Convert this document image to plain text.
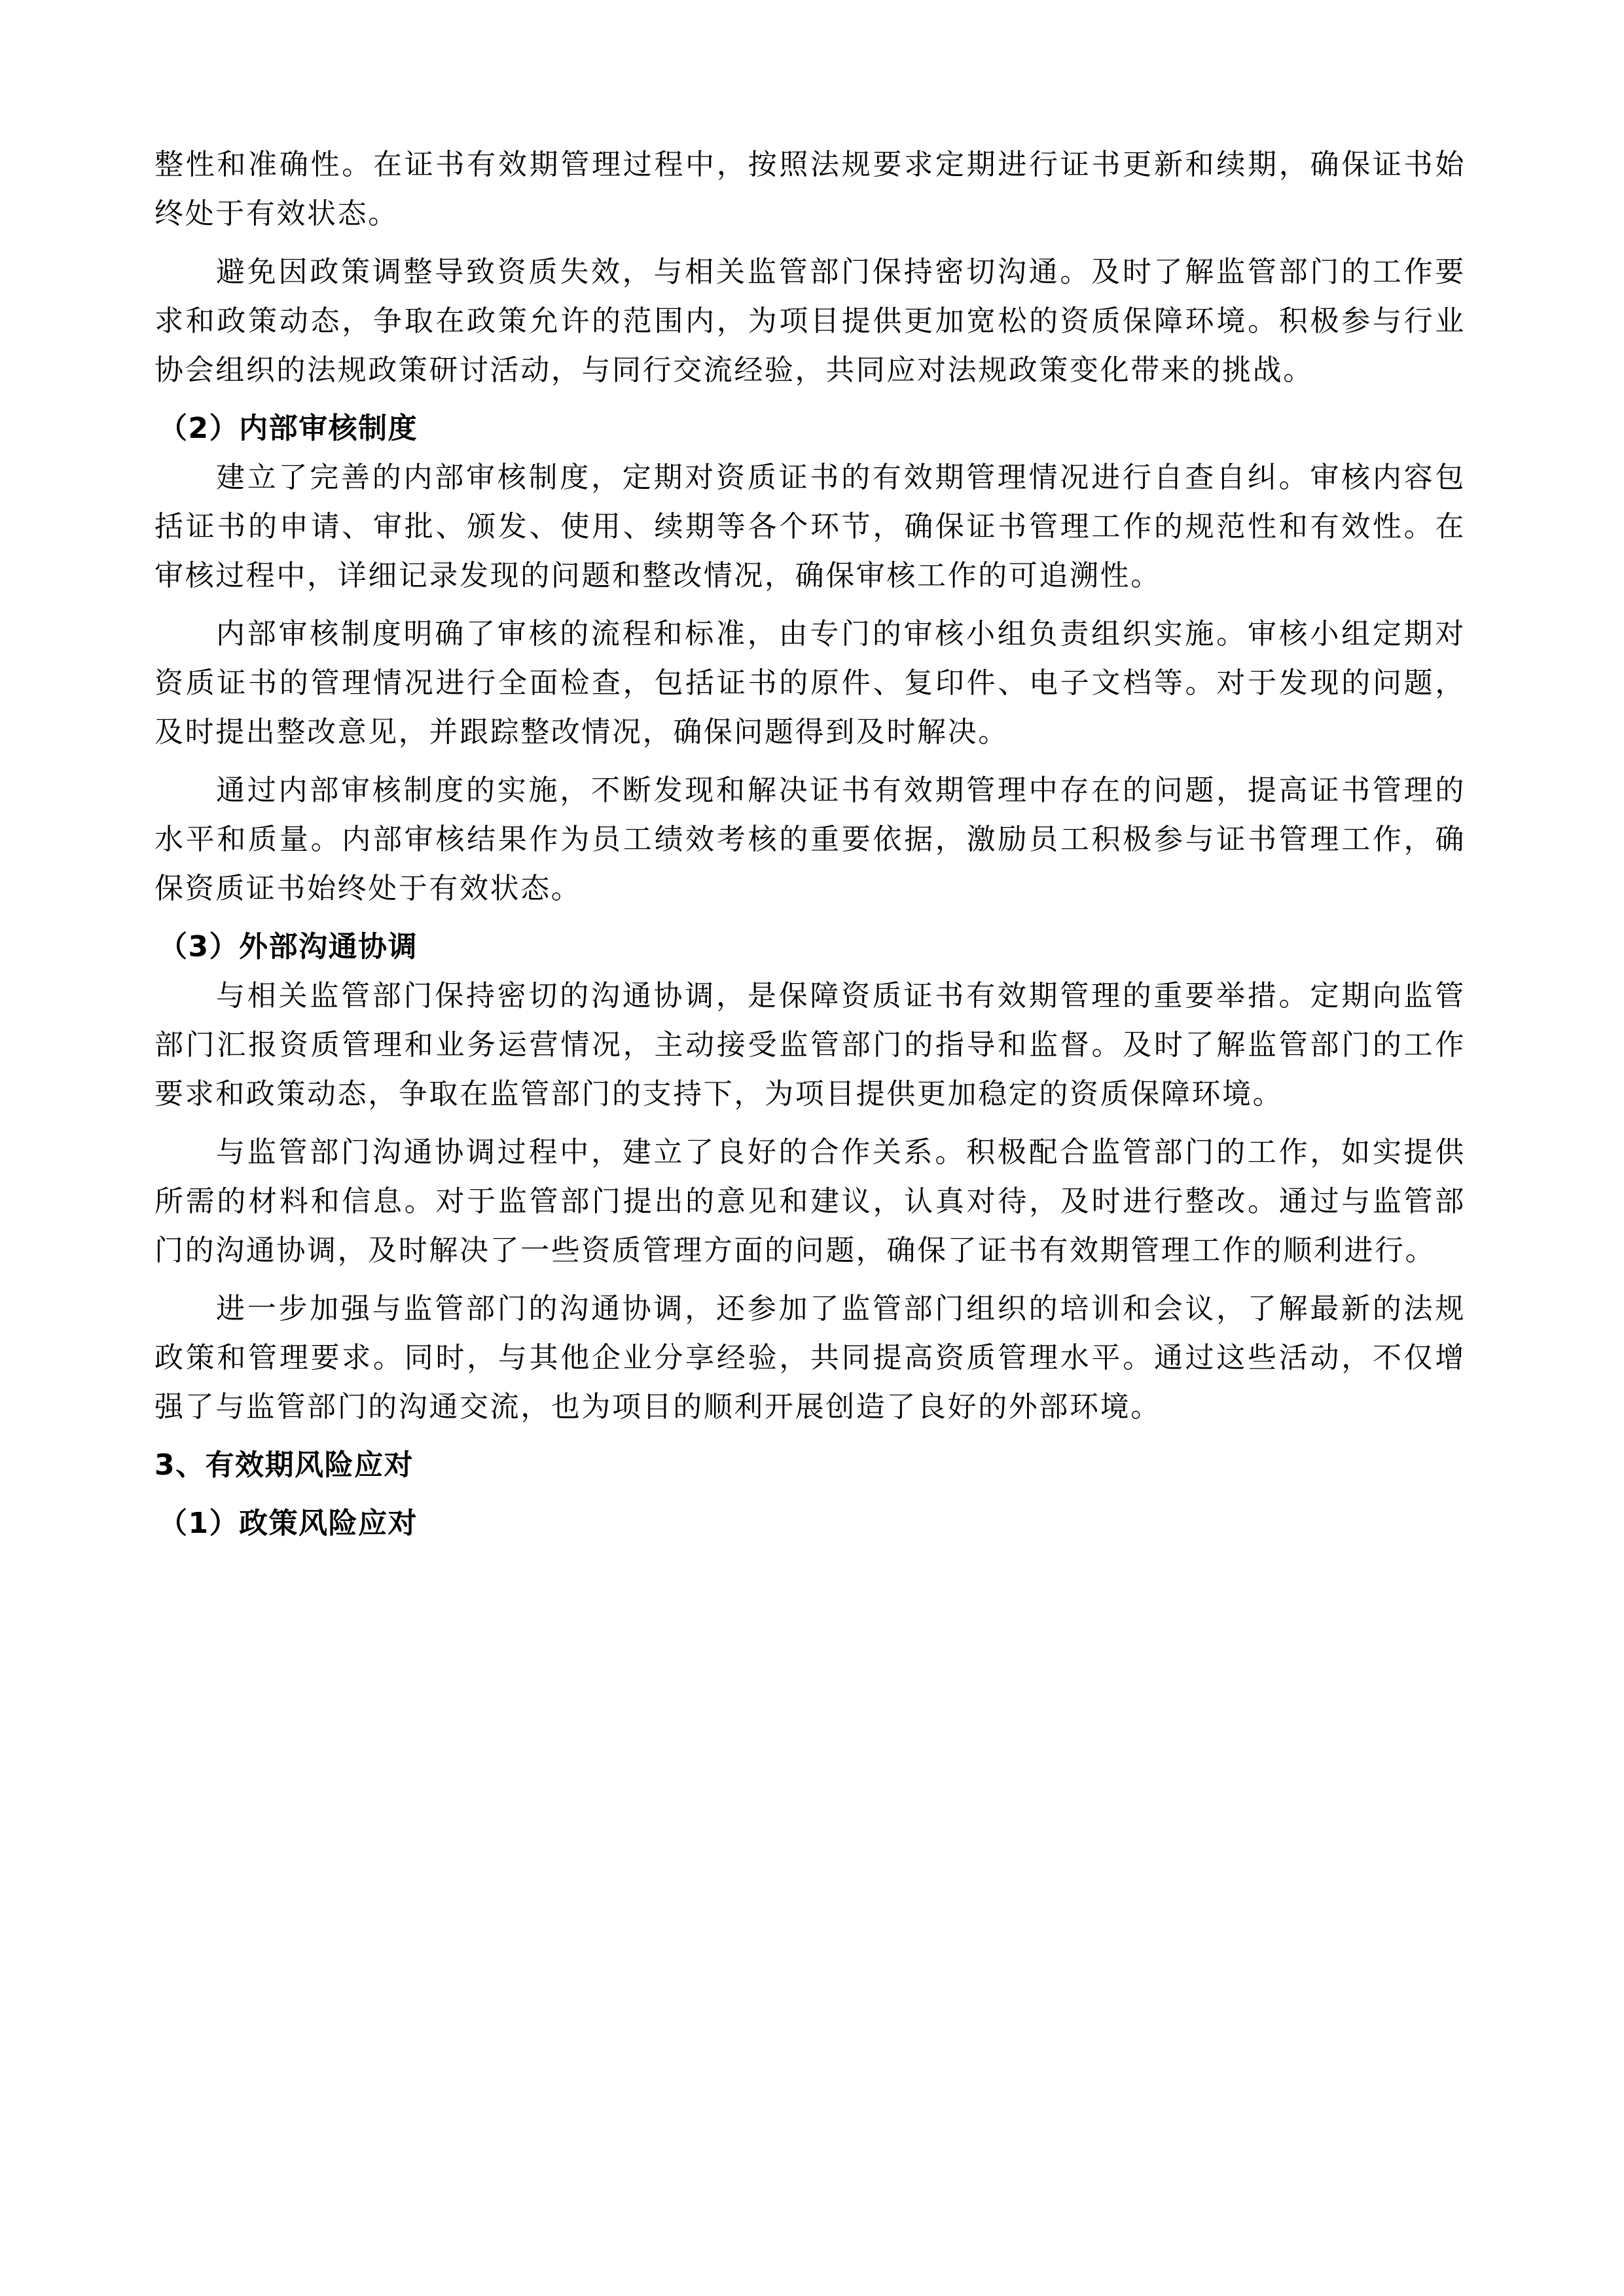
整性和准确性。在证书有效期管理过程中，按照法规要求定期进行证书更新和续期，确保证书始终处于有效状态。

避免因政策调整导致资质失效，与相关监管部门保持密切沟通。及时了解监管部门的工作要求和政策动态，争取在政策允许的范围内，为项目提供更加宽松的资质保障环境。积极参与行业协会组织的法规政策研讨活动，与同行交流经验，共同应对法规政策变化带来的挑战。

（2）内部审核制度

建立了完善的内部审核制度，定期对资质证书的有效期管理情况进行自查自纠。审核内容包括证书的申请、审批、颁发、使用、续期等各个环节，确保证书管理工作的规范性和有效性。在审核过程中，详细记录发现的问题和整改情况，确保审核工作的可追溯性。

内部审核制度明确了审核的流程和标准，由专门的审核小组负责组织实施。审核小组定期对资质证书的管理情况进行全面检查，包括证书的原件、复印件、电子文档等。对于发现的问题，及时提出整改意见，并跟踪整改情况，确保问题得到及时解决。

通过内部审核制度的实施，不断发现和解决证书有效期管理中存在的问题，提高证书管理的水平和质量。内部审核结果作为员工绩效考核的重要依据，激励员工积极参与证书管理工作，确保资质证书始终处于有效状态。

（3）外部沟通协调

与相关监管部门保持密切的沟通协调，是保障资质证书有效期管理的重要举措。定期向监管部门汇报资质管理和业务运营情况，主动接受监管部门的指导和监督。及时了解监管部门的工作要求和政策动态，争取在监管部门的支持下，为项目提供更加稳定的资质保障环境。

与监管部门沟通协调过程中，建立了良好的合作关系。积极配合监管部门的工作，如实提供所需的材料和信息。对于监管部门提出的意见和建议，认真对待，及时进行整改。通过与监管部门的沟通协调，及时解决了一些资质管理方面的问题，确保了证书有效期管理工作的顺利进行。

进一步加强与监管部门的沟通协调，还参加了监管部门组织的培训和会议，了解最新的法规政策和管理要求。同时，与其他企业分享经验，共同提高资质管理水平。通过这些活动，不仅增强了与监管部门的沟通交流，也为项目的顺利开展创造了良好的外部环境。

3、有效期风险应对
（1）政策风险应对
